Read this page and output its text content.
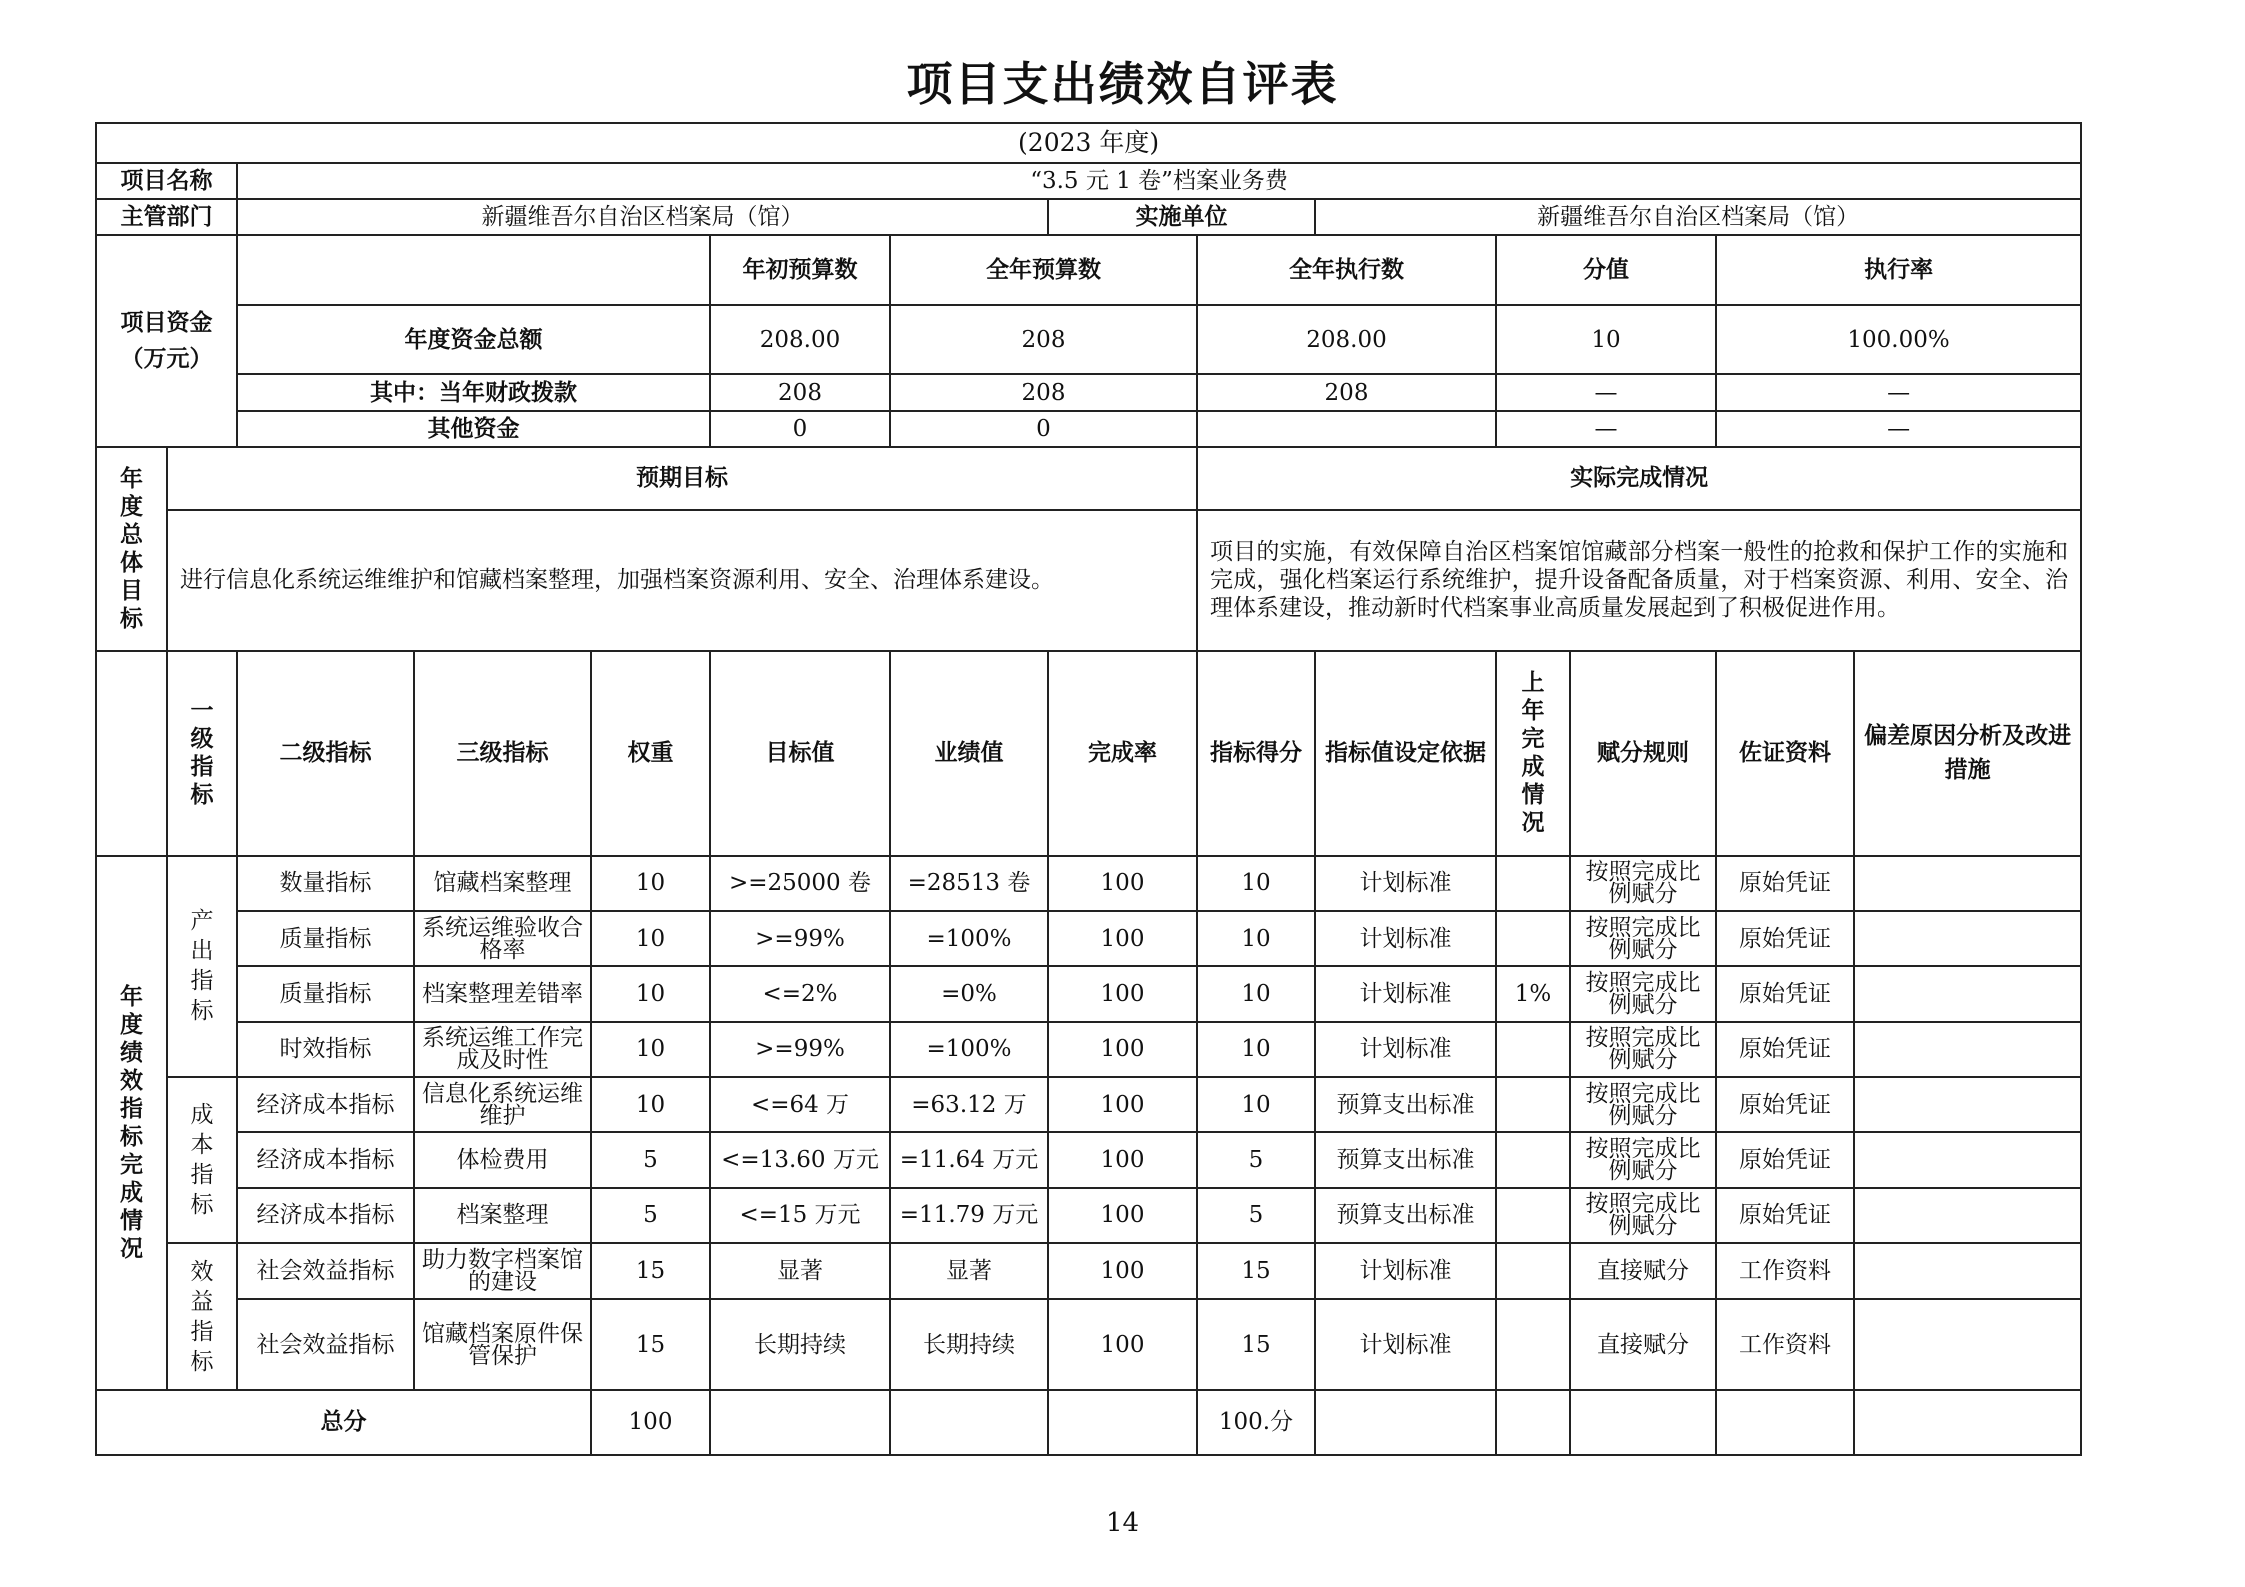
项目支出绩效自评表
(2023 年度)														
项目名称		“3.5 元 1 卷”档案业务费												
主管部门		新疆维吾尔自治区档案局（馆）					实施单位		新疆维吾尔自治区档案局（馆）					

项目资金
（万元）					年初预算数	全年预算数		全年执行数		分值		执行率	
		年度资金总额			208.00	208		208.00		10		100.00%	
		其中：当年财政拨款			208	208		208		—		—	
		其他资金			0	0				—		—	

年度总体目标	预期目标							实际完成情况						
	进行信息化系统运维维护和馆藏档案整理，加强档案资源利用、安全、治理体系建设。							项目的实施，有效保障自治区档案馆馆藏部分档案一般性的抢救和保护工作的实施和完成，强化档案运行系统维护，提升设备配备质量，对于档案资源、利用、安全、治理体系建设，推动新时代档案事业高质量发展起到了积极促进作用。						

	一级指标	二级指标	三级指标	权重	目标值	业绩值	完成率	指标得分	指标值设定依据	上年完成情况	赋分规则	佐证资料	偏差原因分析及改进措施	

年度绩效指标完成情况	产出指标	数量指标	馆藏档案整理	10	>=25000 卷	=28513 卷	100	10	计划标准		按照完成比例赋分	原始凭证		
		质量指标	系统运维验收合格率	10	>=99%	=100%	100	10	计划标准		按照完成比例赋分	原始凭证		
		质量指标	档案整理差错率	10	<=2%	=0%	100	10	计划标准	1%	按照完成比例赋分	原始凭证		
		时效指标	系统运维工作完成及时性	10	>=99%	=100%	100	10	计划标准		按照完成比例赋分	原始凭证		

	成本指标	经济成本指标	信息化系统运维维护	10	<=64 万	=63.12 万	100	10	预算支出标准		按照完成比例赋分	原始凭证		
		经济成本指标	体检费用	5	<=13.60 万元	=11.64 万元	100	5	预算支出标准		按照完成比例赋分	原始凭证		
		经济成本指标	档案整理	5	<=15 万元	=11.79 万元	100	5	预算支出标准		按照完成比例赋分	原始凭证		

	效益指标	社会效益指标	助力数字档案馆的建设	15	显著	显著	100	15	计划标准		直接赋分	工作资料		
		社会效益指标	馆藏档案原件保管保护	15	长期持续	长期持续	100	15	计划标准		直接赋分	工作资料		
总分				100				100.分						
14
